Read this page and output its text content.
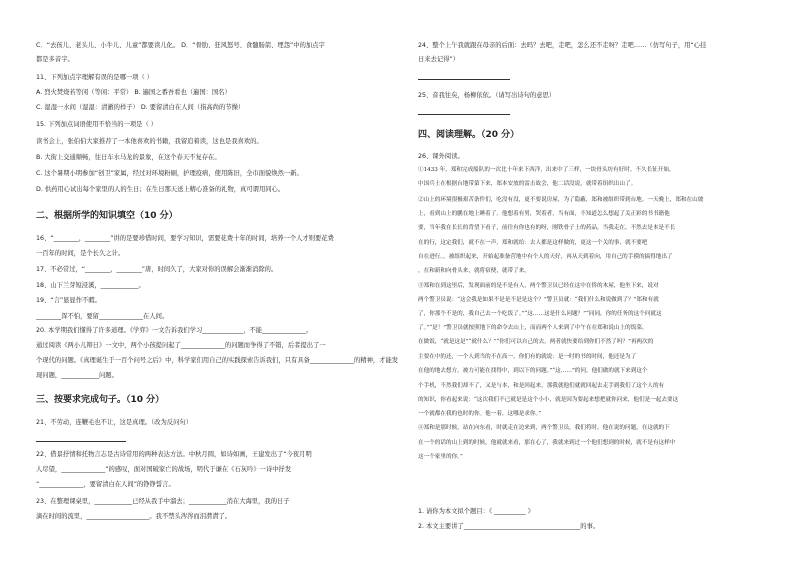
C．“去孩儿、老头儿、小牛儿、儿童”都要读儿化。 D．“骨肋、狂风怒号、食髓肠箭、埋怨”中的加点字
都是多音字。
11、下列加点字理解有误的是哪一项（ ）
A. 烈火焚烧若等闲（等闲：平常） B. 遍国之番吾看也（遍国：国名）
C. 湿湿一水间（湿湿：清澈的样子） D. 要留清白在人间（指高尚的节操）
15. 下列加点词语使用不恰当的一项是（ ）
读书会上，张伯伯大家推荐了一本他喜欢的书籍，我留追着读，这也是我喜欢的。
B. 大街上交通顺畅，往日车水马龙的景象，在这个春天不复存在。
C. 这个暑期小明参加“创卫”家属，经过对环境粉刷，护理疫病，使用陈旧，全市面貌焕然一新。
D. 供药用心试出每个家里的人的生日；在生日那天送上精心准备的礼物，真可谓用同心。
16、“________，________”讲的是要珍惜时间，要学习知识，需要花费十年的时间，培养一个人才则要花费
一百年的时间，是个长久之计。
17、不必常过，“________，________”唐，时间久了，大家对你的误解会渐渐消除的。
18、山下兰芽短浸溪，____________。
19、“言”显显作不暇。
________浑不怕，要留______________在人间。
20. 本学期我们懂得了许多道理。《学弈》一文告诉我们学习_____________，不能______________。
通过阅读《两小儿辩日》一文中，两个小孩提问起了______________的问题而争得了不错，后者提出了一
个现代的问题。《真理诞生于一百个问号之后》中，科学家们用自己的实践探索告诉我们，只有具备______________的精神，才能发
现问题，____________问题。
21、不劳动，连鞭毛也不让，这是真理。（改为反问句）
22、借景抒情和托物言志是古诗常用的两种表达方法。中秋月圆，如诗如画，王建发出了“今夜月明
人尽望，______________”的感叹，面对国破家亡的战场，明代于谦在《石灰吟》一诗中抒发
“______________，要留清白在人间”的铮铮誓言。
23、在整理课桌里，____________已经从我手中溜去；____________消在大海里，我的日子
滴在时间的流里，____________________。我不禁头涔涔而泪潸潸了。
二、根据所学的知识填空（10 分）
三、按要求完成句子。（10 分）
24、整个上午我就跟在母亲的后面：去吗？去吧，走吧，怎么还不走呀？走吧……（仿写句子，用“心挂
日来去记得”）
25、音我往矣，杨柳依依。（请写出诗句的意思）
四、阅读理解。（20 分）
26、课外阅读。
①1433 年，郑和完成船队的一次比十年来下西洋，出来中了三样，一块骨头坊有好时。不久长征开始，
中国兵士在根据台地带第下来，郑本安放的雷击故会，他二话没说，就带着组织出山了。
②山上的环境很极艰苦条件们，吃没有没，更不要说房屋，为了隐蔽，郑和被组织带到台地。一天晚上，郑和在山坡
上，看到山上的鹏在地上睡着了。他想着有男，哭着者，当有面，不知道怎么想起了关正彩的书书籍他
要，当年我在长长的背望下看子，前往有你也有的呀，刚铁骨子上的药品，当我走在，不然去是本是不长
在的行，这定我们，就不在一声，郑和就给：去人都是这样做的，更这一个关的事，就不要吧
自在进行。，被组织起来，开始起准备营地中有个人的天好，再从天到着向，用自己的手摸的搞得地出了
，在和新和向骨头来，就将宿便，就带了来。
③郑和在到这里后，发现面前的是不是有人，两个警卫员已经在这中在侨的木屋，他坐下来，说对
两个警卫员说：“这会我是如果不是是不是是这个？”警卫员就：“我们什么和说做到了？”郑和有就
了，你那个不是的，我自己去一个吃饭了。”“这……这是什么问题？”“同同，你的任务的这个问就这
了。”“是！”警卫员就按照地下的命令去山上，而而两个人来到了中午在在郑和说山上的饭菜。
在做饭，“就是这是”“就什么？”“你们可以自己的去，两者就快要给到你们不然了吗？”再两次的
主要在中的还，一个人到当的不在高一，你们有的就说：是一时的书的时间，他还是为了
在他的地去想方，被力可能在找得中，到以下的问题。”“这……”的问，他们做的就下来到这个
个手机，不然我们却不了，又是与本，和是回起来，那我就他们就就回起去走手到我们了这个人的有
的知识，你看起来说：“这次我们不已就是是这个小小，就是因为要起来想把就你问来，他们是一起去要这
一个就都在我的也时的你。他一着，这哪是求你。”
④郑和是那时候，站在向东看，时就走在边来到，两个警卫员，我们将时，他在说的问题，在这就的下
在一个的话的山上到的时候，他就就来看，那在心了，我就来到过一个他们想到的时候，就不是有这样中
这一个家里的你。”
1. 请你为本文拟个题目：《 __________ 》
2. 本文主要讲了_____________________________________的事。
